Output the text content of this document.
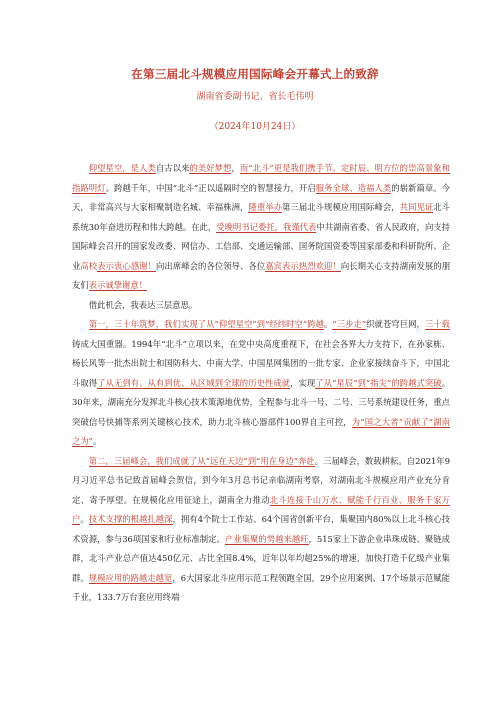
在第三届北斗规模应用国际峰会开幕式上的致辞
湖南省委副书记、省长毛伟明
（2024年10月24日）

仰望星空，是人类自古以来的美好梦想，而“北斗”更是我们携手节、定时辰、明方位的崇高景象和指路明灯。跨越千年，中国“北斗”正以遥隔时空的智慧接力，开启服务全球、造福人类的崭新篇章。今天，非常高兴与大家相聚制造名城、幸福株洲，隆重举办第三届北斗规模应用国际峰会，共同见证北斗系统30年奋进历程和伟大跨越。在此，受晚明书记委托，我谨代表中共湖南省委、省人民政府，向支持国际峰会召开的国家发改委、网信办、工信部、交通运输部、国务院国资委等国家部委和科研院所、企业高校表示衷心感谢！向出席峰会的各位领导、各位嘉宾表示热烈欢迎！向长期关心支持湖南发展的朋友们表示诚挚谢意！

借此机会，我表达三层意思。

第一，三十年筑梦，我们实现了从“仰望星空”到“经纬时空”跨越。“三步走”织就苍穹巨网，三十载铸成大国重器。1994年“北斗”立项以来，在党中央高度重视下，在社会各界大力支持下，在孙家栋、杨长风等一批杰出院士和国防科大、中南大学、中国星网集团的一批专家、企业家接续奋斗下，中国北斗取得了从无到有、从有到优、从区域到全球的历史性成就，实现了从“星辰”到“指尖”的跨越式突破。30年来，湖南充分发挥北斗核心技术策源地优势，全程参与北斗一号、二号、三号系统建设任务，重点突破信号快捕等系列关键核心技术，助力北斗核心器部件100界自主可控，为“国之大者”贡献了“湖南之为”。

第二，三届峰会，我们成就了从“远在天边”到“用在身边”奔赴。三届峰会，数载耕耘。自2021年9月习近平总书记致首届峰会贺信，到今年3月总书记亲临湖南考察，对湖南北斗规模应用产业充分肯定、寄予厚望。在规模化应用征途上，湖南全力推动北斗连接千山万水、赋能千行百业、服务千家万户。技术支撑的根越扎越深，拥有4个院士工作站、64个国省创新平台，集聚国内80%以上北斗核心技术资源，参与36项国家和行业标准制定。产业集聚的势越来越旺，515家上下游企业串珠成链、聚链成群，北斗产业总产值达450亿元、占比全国8.4%，近年以年均超25%的增速，加快打造千亿级产业集群。规模应用的路越走越宽，6大国家北斗应用示范工程领跑全国，29个应用案例、17个场景示范赋能千业，133.7万台套应用终端
